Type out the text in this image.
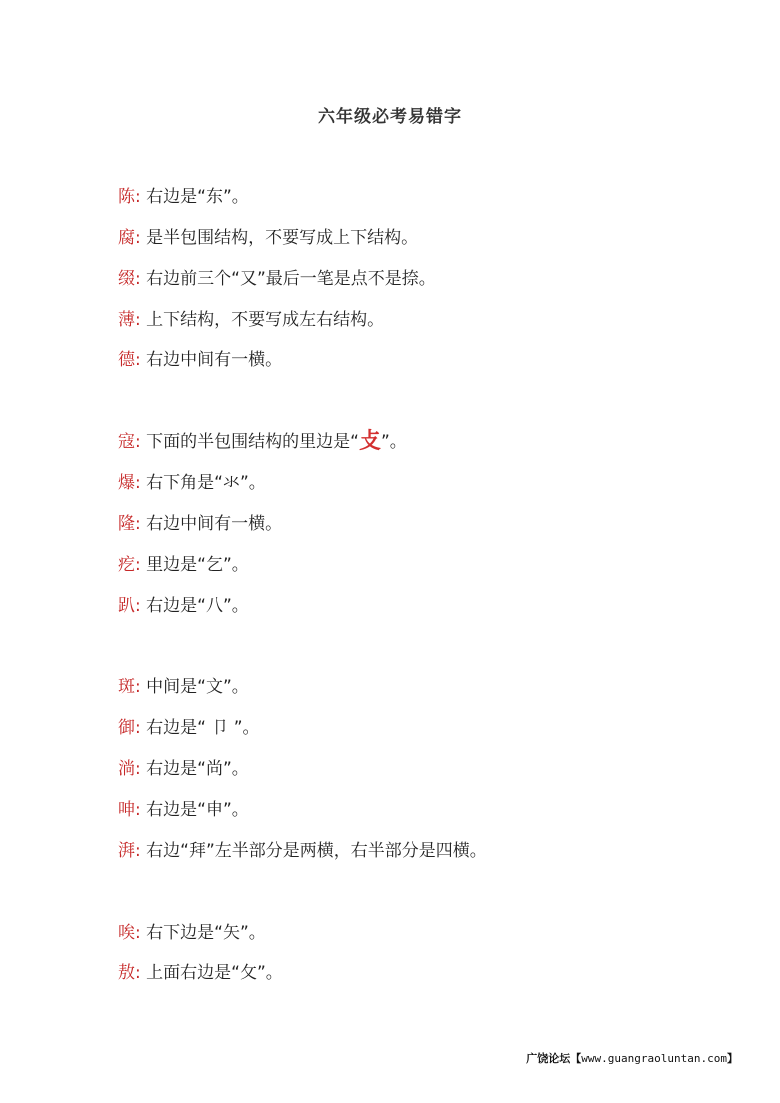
六年级必考易错字
陈: 右边是“东”。
腐: 是半包围结构，不要写成上下结构。
缀: 右边前三个“又”最后一笔是点不是捺。
薄: 上下结构，不要写成左右结构。
德: 右边中间有一横。
寇: 下面的半包围结构的里边是“攴”。
爆: 右下角是“氺”。
隆: 右边中间有一横。
疙: 里边是“乞”。
趴: 右边是“八”。
斑: 中间是“文”。
御: 右边是“ 卩 ”。
淌: 右边是“尚”。
呻: 右边是“申”。
湃: 右边“拜”左半部分是两横，右半部分是四横。
唉: 右下边是“矢”。
敖: 上面右边是“攵”。
广饶论坛【www.guangraoluntan.com】
